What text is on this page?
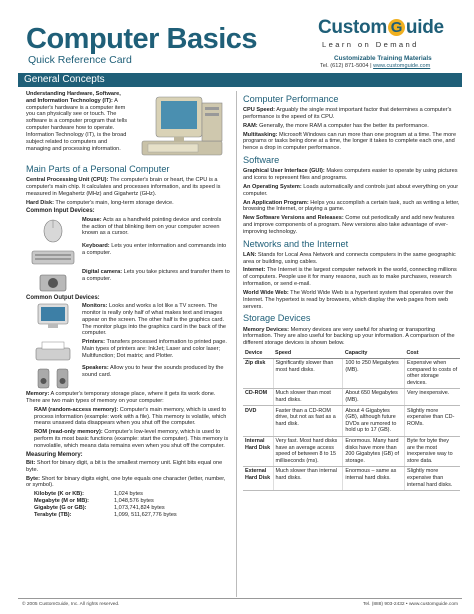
Computer Basics
Quick Reference Card
Custom G uide
Learn on Demand
Customizable Training Materials
Tel. (612) 871-5004 | www.customguide.com
General Concepts

Understanding Hardware, Software, and Information Technology (IT): A computer's hardware is a computer item you can physically see or touch. The software is a computer program that tells computer hardware how to operate. Information Technology (IT), is the broad subject related to computers and managing and processing information.

Main Parts of a Personal Computer

Central Processing Unit (CPU): The computer's brain or heart, the CPU is a computer's main chip. It calculates and processes information, and its speed is measured in Megahertz (MHz) and Gigahertz (GHz).

Hard Disk: The computer's main, long-term storage device.

Common Input Devices:

Mouse: Acts as a handheld pointing device and controls the action of that blinking item on your computer screen known as a cursor.

Keyboard: Lets you enter information and commands into a computer.

Digital camera: Lets you take pictures and transfer them to a computer.

Common Output Devices:

Monitors: Looks and works a lot like a TV screen. The monitor is really only half of what makes text and images appear on the screen. The other half is the graphics card. The monitor plugs into the graphics card in the back of the computer.

Printers: Transfers processed information to printed page. Main types of printers are: InkJet; Laser and color laser; Multifunction; Dot matrix; and Plotter.

Speakers: Allow you to hear the sounds produced by the sound card.

Memory: A computer's temporary storage place, where it gets its work done. There are two main types of memory on your computer:

RAM (random-access memory): Computer's main memory, which is used to process information (example: work with a file). This memory is volatile, which means unsaved data disappears when you shut off the computer.

ROM (read-only memory): Computer's low-level memory, which is used to perform its most basic functions (example: start the computer). This memory is nonvolatile, which means data remains even when you shut off the computer.

Measuring Memory:

Bit: Short for binary digit, a bit is the smallest memory unit. Eight bits equal one byte.

Byte: Short for binary digits eight, one byte equals one character (letter, number, or symbol).

Kilobyte (K or KB):	1,024 bytes
Megabyte (M or MB):	1,048,576 bytes
Gigabyte (G or GB):	1,073,741,824 bytes
Terabyte (TB):	1,099, 511,627,776 bytes
Computer Performance

CPU Speed: Arguably the single most important factor that determines a computer's performance is the speed of its CPU.

RAM: Generally, the more RAM a computer has the better its performance.

Multitasking: Microsoft Windows can run more than one program at a time. The more programs or tasks being done at a time, the longer it takes to complete each one, and hence a drop in computer performance.

Software

Graphical User Interface (GUI): Makes computers easier to operate by using pictures and icons to represent files and programs.

An Operating System: Loads automatically and controls just about everything on your computer.

An Application Program: Helps you accomplish a certain task, such as writing a letter, browsing the Internet, or playing a game.

New Software Versions and Releases: Come out periodically and add new features and improve components of a program. New versions also take advantage of ever-improving technology.

Networks and the Internet

LAN: Stands for Local Area Network and connects computers in the same geographic area or building, using cables.

Internet: The Internet is the largest computer network in the world, connecting millions of computers. People use it for many reasons, such as to make purchases, research information, or send e-mail.

World Wide Web: The World Wide Web is a hypertext system that operates over the Internet. The hypertext is read by browsers, which display the web pages from web servers.

Storage Devices

Memory Devices: Memory devices are very useful for sharing or transporting information. They are also useful for backing up your information. A comparison of the different storage devices is shown below.

Device	Speed	Capacity	Cost
Zip disk	Significantly slower than most hard disks.	100 to 250 Megabytes (MB).	Expensive when compared to costs of other storage devices.
CD-ROM	Much slower than most hard disks.	About 650 Megabytes (MB).	Very inexpensive.
DVD	Faster than a CD-ROM drive, but not as fast as a hard disk.	About 4 Gigabytes (GB), although future DVDs are rumored to hold up to 17 (GB).	Slightly more expensive than CD-ROMs.
Internal Hard Disk	Very fast. Most hard disks have an average access speed of between 8 to 15 milliseconds (ms).	Enormous. Many hard disks have more than 200 Gigabytes (GB) of storage.	Byte for byte they are the most inexpensive way to store data.
External Hard Disk	Much slower than internal hard disks.	Enormous – same as internal hard disks.	Slightly more expensive than internal hard disks.
© 2005 CustomGuide, Inc. All rights reserved.	Tel. (888) 903-2432 • www.customguide.com
